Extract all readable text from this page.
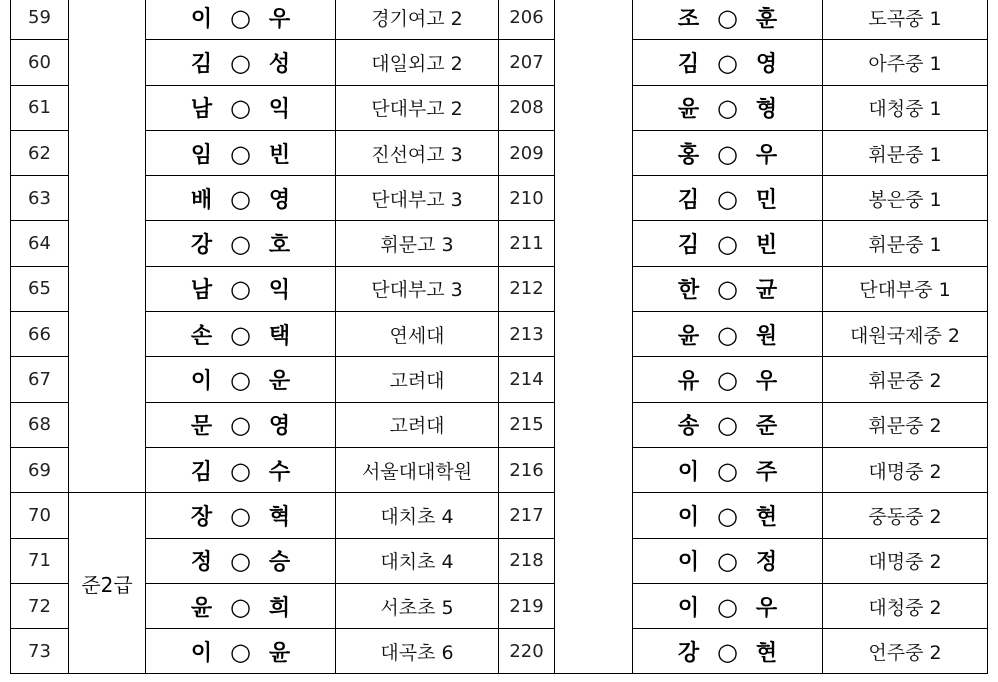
59		이 ○ 우	경기여고 2	206		조 ○ 훈	도곡중 1
60		김 ○ 성	대일외고 2	207		김 ○ 영	아주중 1
61		남 ○ 익	단대부고 2	208		윤 ○ 형	대청중 1
62		임 ○ 빈	진선여고 3	209		홍 ○ 우	휘문중 1
63		배 ○ 영	단대부고 3	210		김 ○ 민	봉은중 1
64		강 ○ 호	휘문고 3	211		김 ○ 빈	휘문중 1
65		남 ○ 익	단대부고 3	212		한 ○ 균	단대부중 1
66		손 ○ 택	연세대	213		윤 ○ 원	대원국제중 2
67		이 ○ 운	고려대	214		유 ○ 우	휘문중 2
68		문 ○ 영	고려대	215		송 ○ 준	휘문중 2
69		김 ○ 수	서울대대학원	216		이 ○ 주	대명중 2
70	준2급	장 ○ 혁	대치초 4	217		이 ○ 현	중동중 2
71		정 ○ 승	대치초 4	218		이 ○ 정	대명중 2
72		윤 ○ 희	서초초 5	219		이 ○ 우	대청중 2
73		이 ○ 윤	대곡초 6	220		강 ○ 현	언주중 2
